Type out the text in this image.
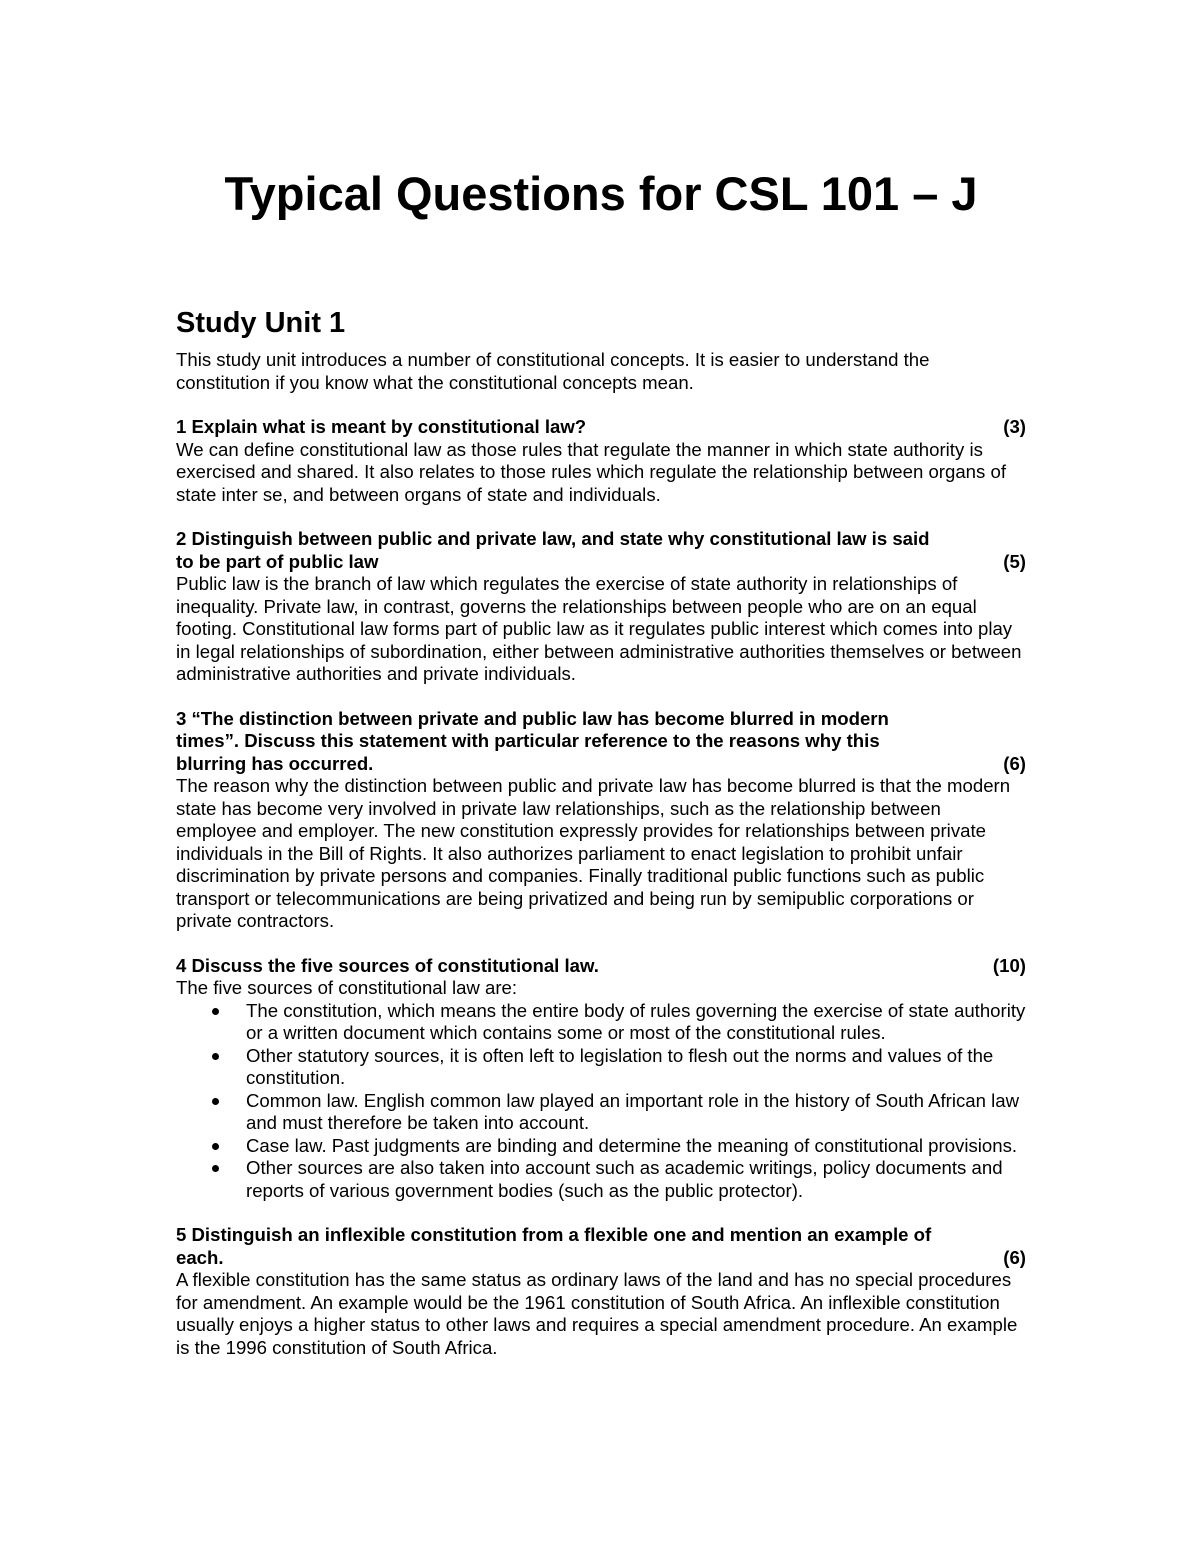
Typical Questions for CSL 101 – J
Study Unit 1

This study unit introduces a number of constitutional concepts. It is easier to understand the constitution if you know what the constitutional concepts mean.

1 Explain what is meant by constitutional law?	(3)

We can define constitutional law as those rules that regulate the manner in which state authority is exercised and shared. It also relates to those rules which regulate the relationship between organs of state inter se, and between organs of state and individuals.

2 Distinguish between public and private law, and state why constitutional law is said to be part of public law	(5)

Public law is the branch of law which regulates the exercise of state authority in relationships of inequality. Private law, in contrast, governs the relationships between people who are on an equal footing. Constitutional law forms part of public law as it regulates public interest which comes into play in legal relationships of subordination, either between administrative authorities themselves or between administrative authorities and private individuals.

3 “The distinction between private and public law has become blurred in modern times”. Discuss this statement with particular reference to the reasons why this blurring has occurred.	(6)

The reason why the distinction between public and private law has become blurred is that the modern state has become very involved in private law relationships, such as the relationship between employee and employer. The new constitution expressly provides for relationships between private individuals in the Bill of Rights. It also authorizes parliament to enact legislation to prohibit unfair discrimination by private persons and companies. Finally traditional public functions such as public transport or telecommunications are being privatized and being run by semipublic corporations or private contractors.

4 Discuss the five sources of constitutional law.	(10)

The five sources of constitutional law are:

The constitution, which means the entire body of rules governing the exercise of state authority or a written document which contains some or most of the constitutional rules.
Other statutory sources, it is often left to legislation to flesh out the norms and values of the constitution.
Common law. English common law played an important role in the history of South African law and must therefore be taken into account.
Case law. Past judgments are binding and determine the meaning of constitutional provisions.
Other sources are also taken into account such as academic writings, policy documents and reports of various government bodies (such as the public protector).
5 Distinguish an inflexible constitution from a flexible one and mention an example of each.	(6)

A flexible constitution has the same status as ordinary laws of the land and has no special procedures for amendment. An example would be the 1961 constitution of South Africa. An inflexible constitution usually enjoys a higher status to other laws and requires a special amendment procedure. An example is the 1996 constitution of South Africa.
